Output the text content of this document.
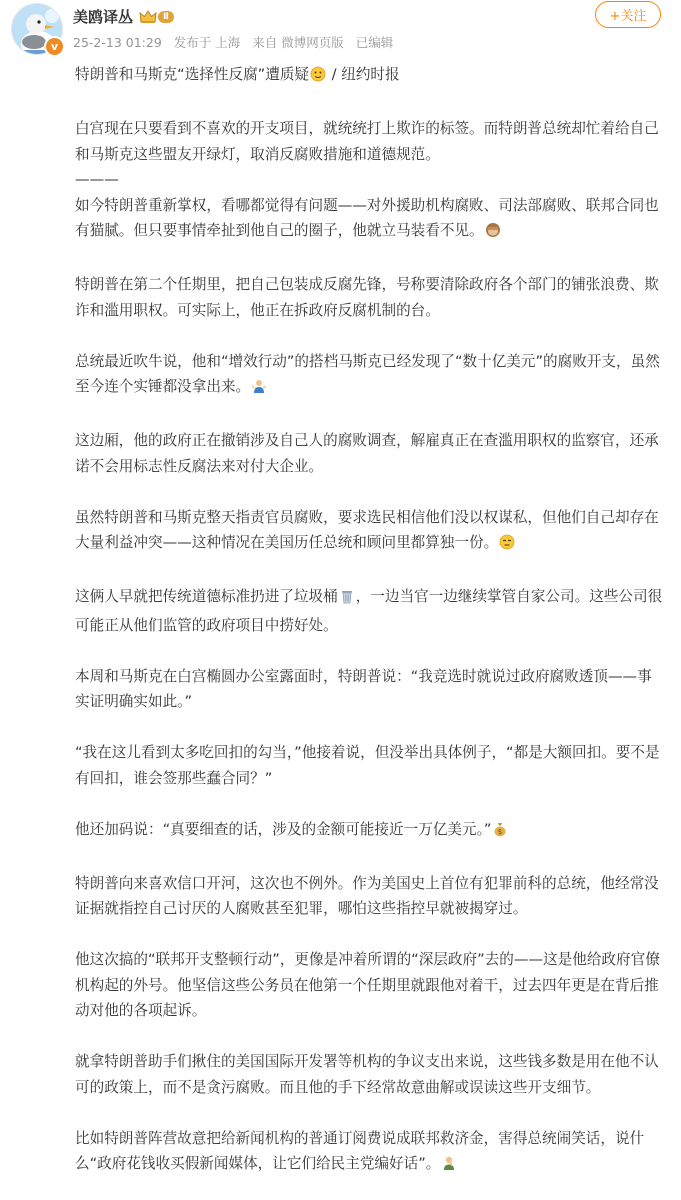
v
美鸥译丛	Ⅱ
25-2-13 01:29 发布于 上海 来自 微博网页版 已编辑
+关注

特朗普和马斯克“选择性反腐”遭质疑 / 纽约时报

白宫现在只要看到不喜欢的开支项目，就统统打上欺诈的标签。而特朗普总统却忙着给自己和马斯克这些盟友开绿灯，取消反腐败措施和道德规范。

———

如今特朗普重新掌权，看哪都觉得有问题——对外援助机构腐败、司法部腐败、联邦合同也有猫腻。但只要事情牵扯到他自己的圈子，他就立马装看不见。

特朗普在第二个任期里，把自己包装成反腐先锋，号称要清除政府各个部门的铺张浪费、欺诈和滥用职权。可实际上，他正在拆政府反腐机制的台。

总统最近吹牛说，他和“增效行动”的搭档马斯克已经发现了“数十亿美元”的腐败开支，虽然至今连个实锤都没拿出来。

这边厢，他的政府正在撤销涉及自己人的腐败调查，解雇真正在查滥用职权的监察官，还承诺不会用标志性反腐法来对付大企业。

虽然特朗普和马斯克整天指责官员腐败，要求选民相信他们没以权谋私，但他们自己却存在大量利益冲突——这种情况在美国历任总统和顾问里都算独一份。

这俩人早就把传统道德标准扔进了垃圾桶 ，一边当官一边继续掌管自家公司。这些公司很可能正从他们监管的政府项目中捞好处。

本周和马斯克在白宫椭圆办公室露面时，特朗普说：“我竞选时就说过政府腐败透顶——事实证明确实如此。”

“我在这儿看到太多吃回扣的勾当，”他接着说，但没举出具体例子，“都是大额回扣。要不是有回扣，谁会签那些蠢合同？”

他还加码说：“真要细查的话，涉及的金额可能接近一万亿美元。” $

特朗普向来喜欢信口开河，这次也不例外。作为美国史上首位有犯罪前科的总统，他经常没证据就指控自己讨厌的人腐败甚至犯罪，哪怕这些指控早就被揭穿过。

他这次搞的“联邦开支整顿行动”，更像是冲着所谓的“深层政府”去的——这是他给政府官僚机构起的外号。他坚信这些公务员在他第一个任期里就跟他对着干，过去四年更是在背后推动对他的各项起诉。

就拿特朗普助手们揪住的美国国际开发署等机构的争议支出来说，这些钱多数是用在他不认可的政策上，而不是贪污腐败。而且他的手下经常故意曲解或误读这些开支细节。

比如特朗普阵营故意把给新闻机构的普通订阅费说成联邦救济金，害得总统闹笑话，说什么“政府花钱收买假新闻媒体，让它们给民主党编好话”。
